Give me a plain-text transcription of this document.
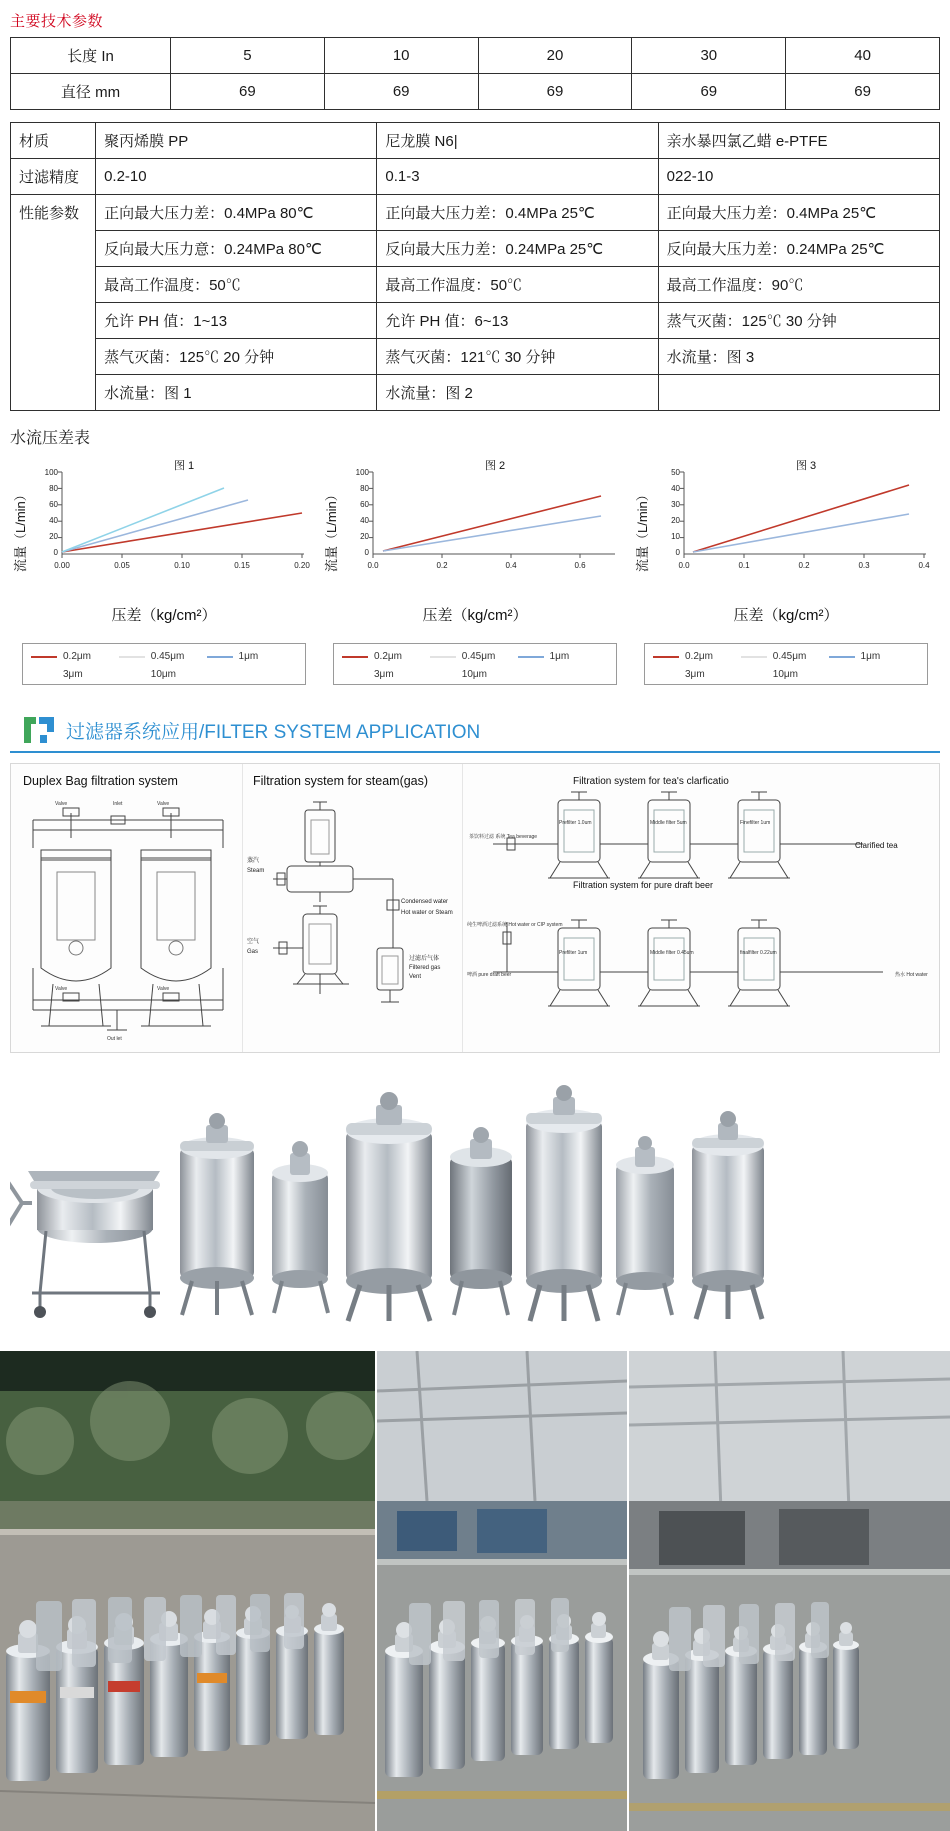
主要技术参数
长度 In	5	10	20	30	40
直径 mm	69	69	69	69	69
材质	聚丙烯膜 PP	尼龙膜 N6|	亲水暴四氯乙蜡 e-PTFE
过滤精度	0.2-10	0.1-3	022-10
性能参数	正向最大压力差：0.4MPa 80℃	正向最大压力差：0.4MPa 25℃	正向最大压力差：0.4MPa 25℃
	反向最大压力意：0.24MPa 80℃	反向最大压力差：0.24MPa 25℃	反向最大压力差：0.24MPa 25℃
	最高工作温度：50℃	最高工作温度：50℃	最高工作温度：90℃
	允许 PH 值：1~13	允许 PH 值：6~13	蒸气灭菌：125℃ 30 分钟
	蒸气灭菌：125℃ 20 分钟	蒸气灭菌：121℃ 30 分钟	水流量：图 3
	水流量：图 1	水流量：图 2	
水流压差表
流量（L/min）
图 1
100
80
60
40
20
0
0.00	0.05	0.10	0.15	0.20
压差（kg/cm²）
0.2μm	0.45μm	1μm
3μm	10μm
流量（L/min）
图 2
100
80
60
40
20
0
0.0	0.2	0.4	0.6
压差（kg/cm²）
0.2μm	0.45μm	1μm
3μm	10μm
流量（L/min）
图 3
50
40
30
20
10
0
0.0	0.1	0.2	0.3	0.4
压差（kg/cm²）
0.2μm	0.45μm	1μm
3μm	10μm
过滤器系统应用/FILTER SYSTEM APPLICATION
Duplex Bag filtration system
Valve	Inlet	Valve
Valve	Valve
Out let
Filtration system for steam(gas)
蒸汽
Steam
空气
Gas
Condensed water
Hot water or Steam
过滤后气体
Filtered gas
Vent
Filtration system for tea's clarficatio
Prefilter 1.0um	Middle filter 5um	Finefilter 1um
茶饮料过滤 系统 Tea beverage
Clarified tea
Filtration system for pure draft beer
Prefilter 1um	Middle filter 0.45um	finalfilter 0.22um
纯生啤酒过滤系统 Hot water or CIP system
啤酒 pure draft beer	热水 Hot water
